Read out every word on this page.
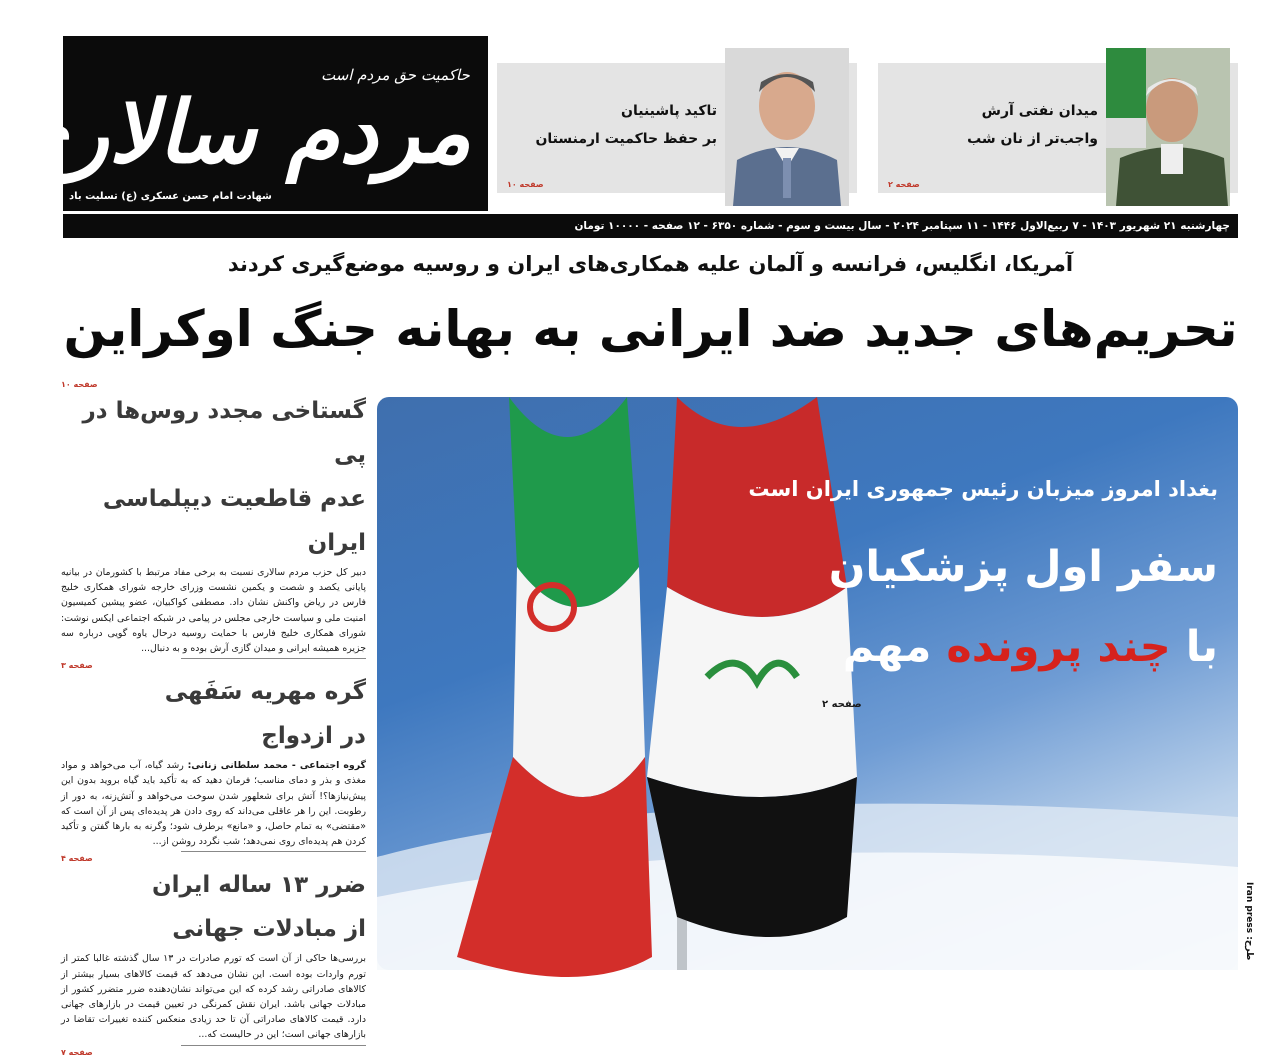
حاکمیت حق مردم است
مردم سالاری
شهادت امام حسن عسکری (ع) تسلیت باد
میدان نفتی آرش
واجب‌تر از نان شب
صفحه ۲
تاکید پاشینیان
بر حفظ حاکمیت ارمنستان
صفحه ۱۰
چهارشنبه ۲۱ شهریور ۱۴۰۳ - ۷ ربیع‌الاول ۱۴۴۶ - ۱۱ سپتامبر ۲۰۲۴ - سال بیست و سوم - شماره ۶۳۵۰ - ۱۲ صفحه - ۱۰۰۰۰ تومان
آمریکا، انگلیس، فرانسه و آلمان علیه همکاری‌های ایران و روسیه موضع‌گیری کردند
تحریم‌های جدید ضد ایرانی به بهانه جنگ اوکراین
صفحه ۱۰
گستاخی مجدد روس‌ها در پی
عدم قاطعیت دیپلماسی ایران
دبیر کل حزب مردم سالاری نسبت به برخی مفاد مرتبط با کشورمان در بیانیه پایانی یکصد و شصت و یکمین نشست وزرای خارجه شورای همکاری خلیج فارس در ریاض واکنش نشان داد. مصطفی کواکبیان، عضو پیشین کمیسیون امنیت ملی و سیاست خارجی مجلس در پیامی در شبکه اجتماعی ایکس نوشت: شورای همکاری خلیج فارس با حمایت روسیه درحال یاوه گویی درباره سه جزیره همیشه ایرانی و میدان گازی آرش بوده و به دنبال...
صفحه ۳
گره مهریه سَفَهی
در ازدواج
گروه اجتماعی - محمد سلطانی زنانی: رشد گیاه، آب می‌خواهد و مواد مغذی و بذر و دمای مناسب؛ فرمان دهید که به تأکید باید گیاه بروید بدون این پیش‌نیازها؟! آتش برای شعلهور شدن سوخت می‌خواهد و آتش‌زنه، به دور از رطوبت. این را هر عاقلی می‌داند که روی دادن هر پدیده‌ای پس از آن است که «مقتضی» به تمام حاصل، و «مانع» برطرف شود؛ وگرنه به بارها گفتن و تأکید کردن هم پدیده‌ای روی نمی‌دهد؛ شب نگردد روشن از...
صفحه ۴
ضرر ۱۳ ساله ایران
از مبادلات جهانی
بررسی‌ها حاکی از آن است که تورم صادرات در ۱۳ سال گذشته غالبا کمتر از تورم واردات بوده است. این نشان می‌دهد که قیمت کالاهای بسیار بیشتر از کالاهای صادراتی رشد کرده که این می‌تواند نشان‌دهنده ضرر متضرر کشور از مبادلات جهانی باشد. ایران نقش کمرنگی در تعیین قیمت در بازارهای جهانی دارد. قیمت کالاهای صادراتی آن تا حد زیادی منعکس کننده تغییرات تقاضا در بازارهای جهانی است؛ این در حالیست که...
صفحه ۷
بغداد امروز میزبان رئیس جمهوری ایران است
سفر اول پزشکیان
با چند پرونده مهم
صفحه ۲
طرح: Iran press
